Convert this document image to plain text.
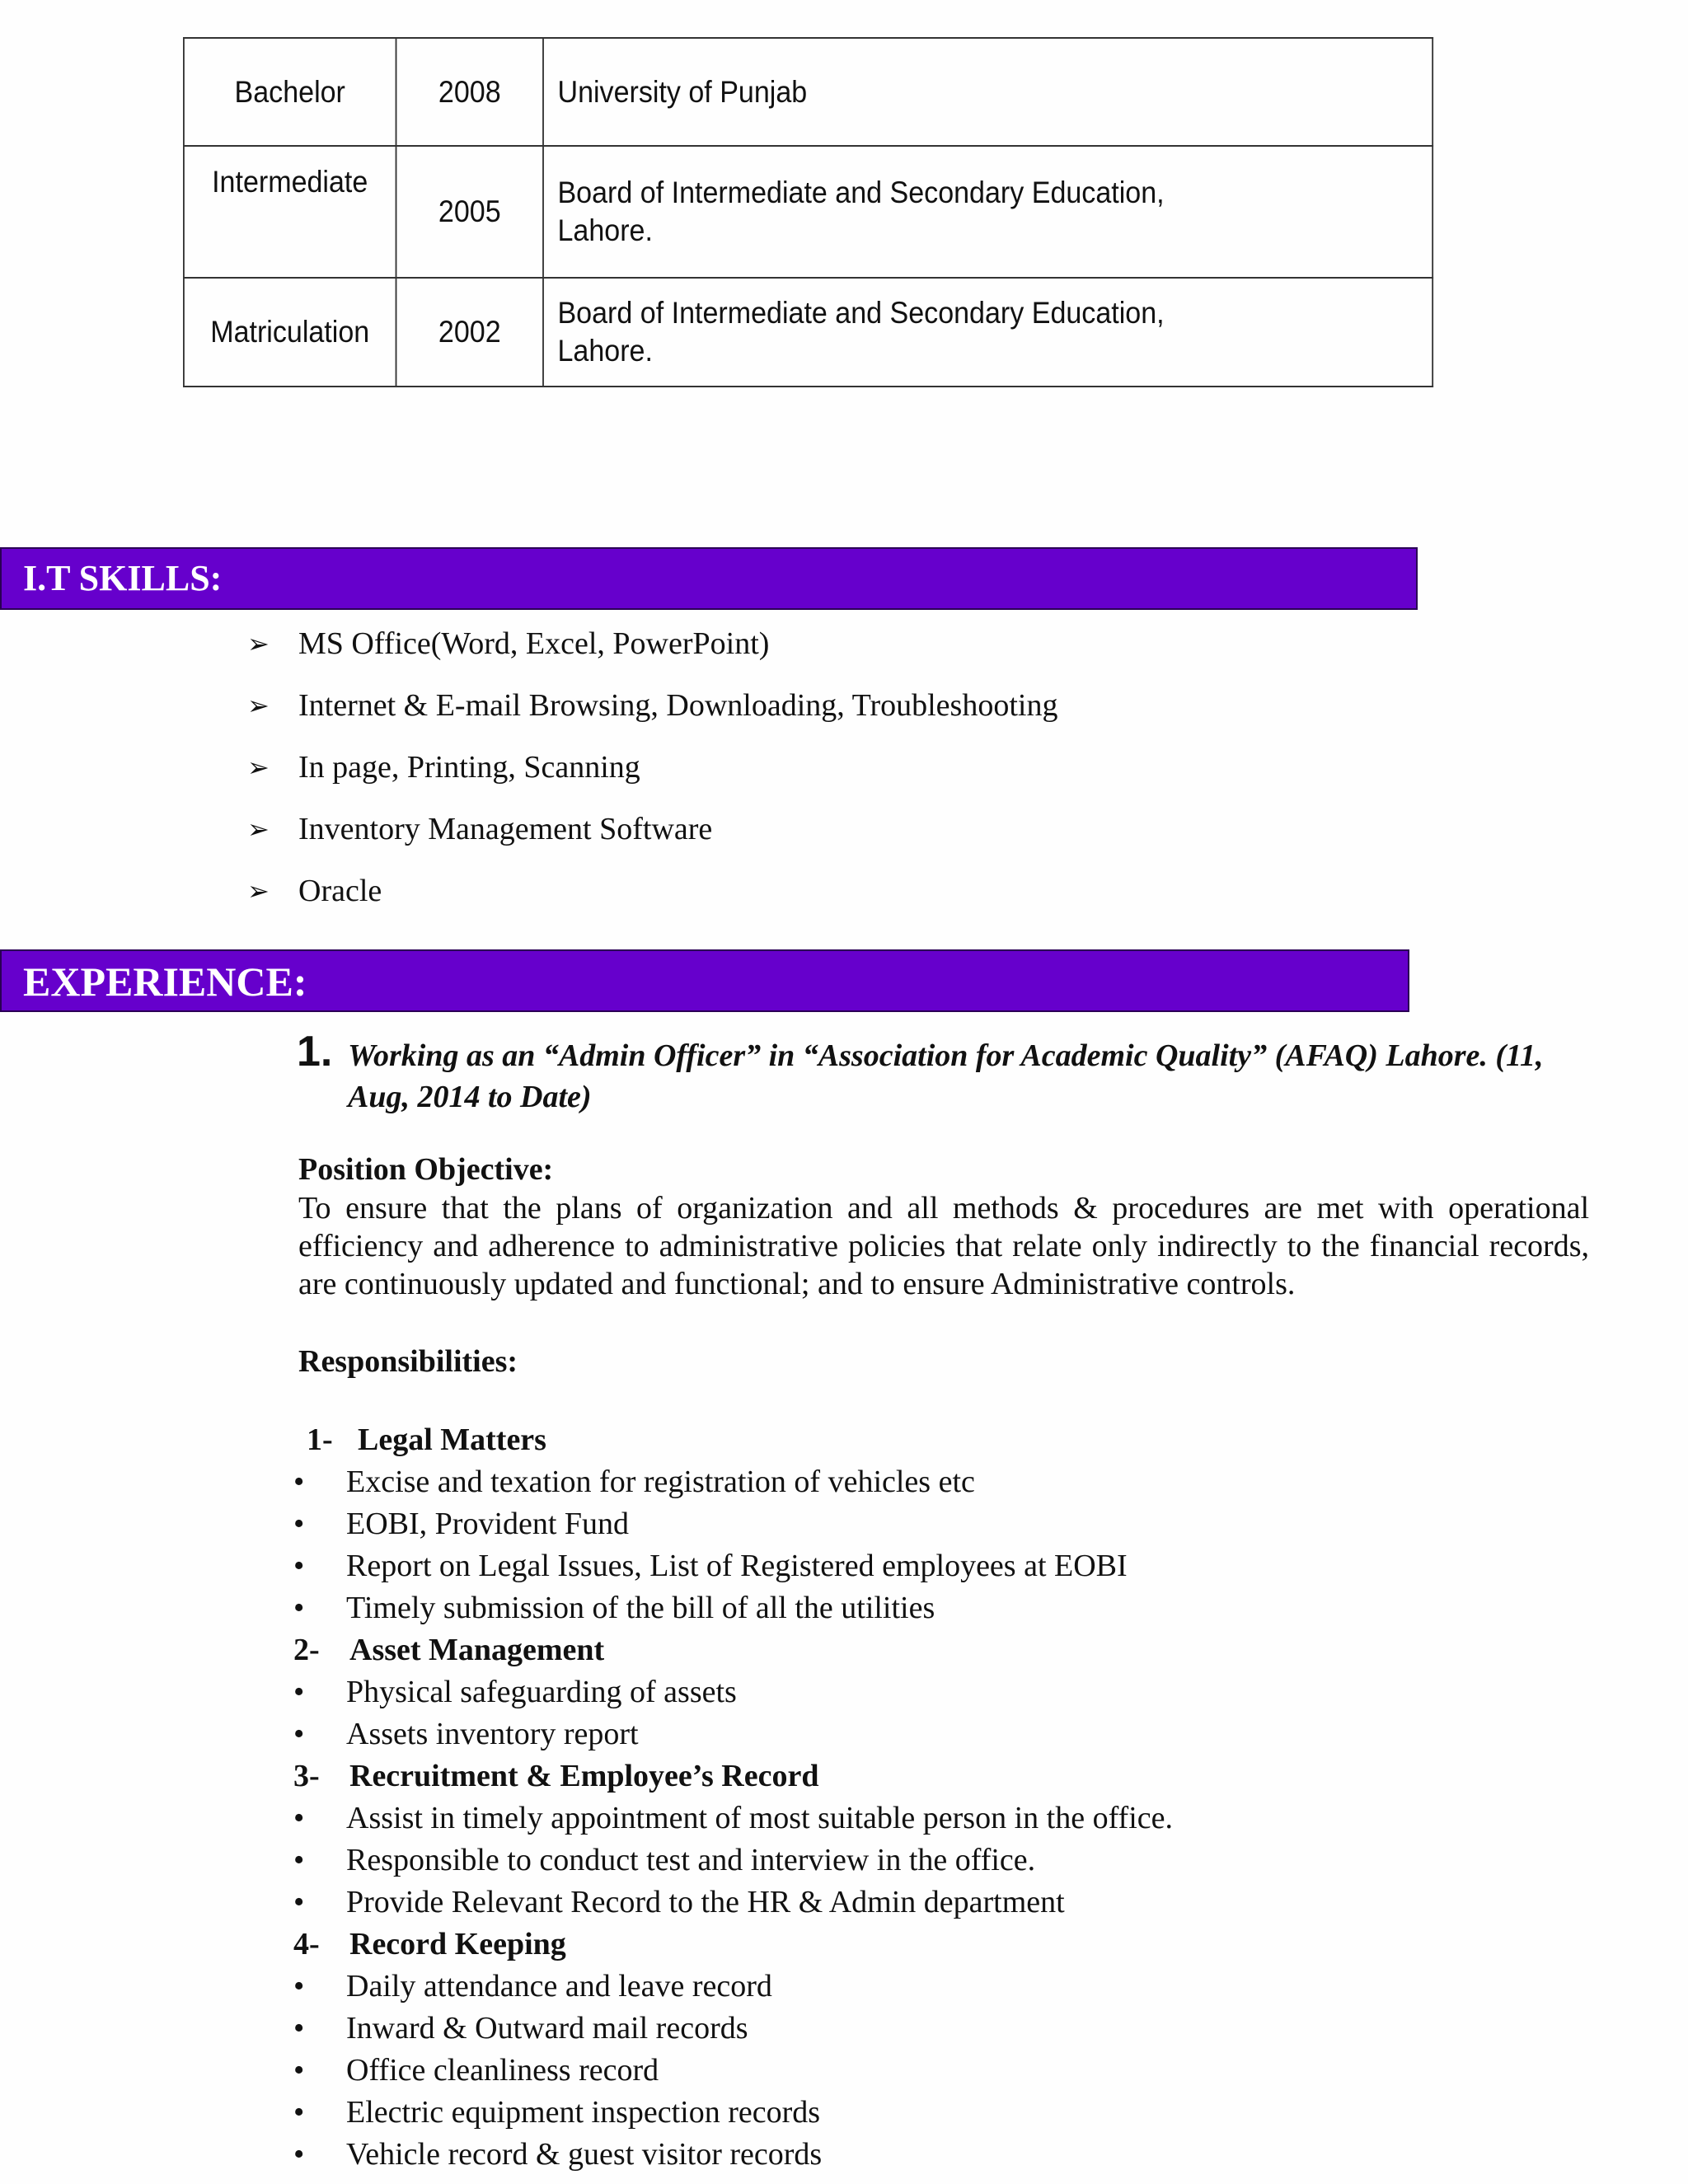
Bachelor	2008	University of Punjab

Intermediate	2005	Board of Intermediate and Secondary Education,
Lahore.

Matriculation	2002	Board of Intermediate and Secondary Education,
Lahore.
I.T SKILLS:
➢ MS Office(Word, Excel, PowerPoint)
➢ Internet & E-mail Browsing, Downloading, Troubleshooting
➢ In page, Printing, Scanning
➢ Inventory Management Software
➢ Oracle
EXPERIENCE:
1. Working as an “Admin Officer” in “Association for Academic Quality” (AFAQ) Lahore. (11, Aug, 2014 to Date)
Position Objective:
To ensure that the plans of organization and all methods & procedures are met with operational efficiency and adherence to administrative policies that relate only indirectly to the financial records, are continuously updated and functional; and to ensure Administrative controls.
Responsibilities:
1- Legal Matters
• Excise and texation for registration of vehicles etc
• EOBI, Provident Fund
• Report on Legal Issues, List of Registered employees at EOBI
• Timely submission of the bill of all the utilities
2- Asset Management
• Physical safeguarding of assets
• Assets inventory report
3- Recruitment & Employee’s Record
• Assist in timely appointment of most suitable person in the office.
• Responsible to conduct test and interview in the office.
• Provide Relevant Record to the HR & Admin department
4- Record Keeping
• Daily attendance and leave record
• Inward & Outward mail records
• Office cleanliness record
• Electric equipment inspection records
• Vehicle record & guest visitor records
